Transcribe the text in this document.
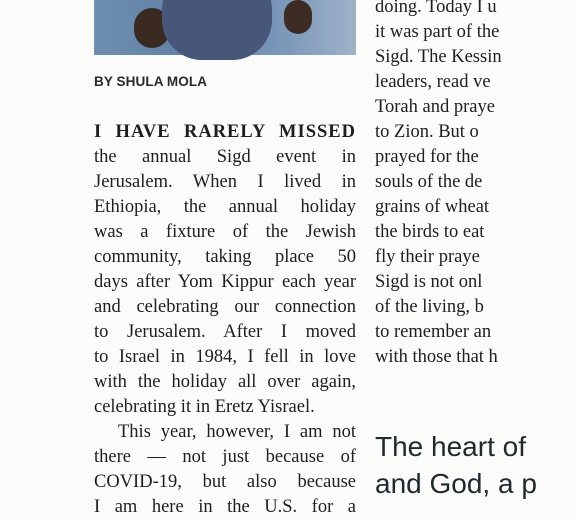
BY SHULA MOLA

I HAVE RARELY MISSED
the annual Sigd event in
Jerusalem. When I lived in
Ethiopia, the annual holiday
was a fixture of the Jewish
community, taking place 50
days after Yom Kippur each year
and celebrating our connection
to Jerusalem. After I moved
to Israel in 1984, I fell in love
with the holiday all over again,
celebrating it in Eretz Yisrael.
This year, however, I am not
there — not just because of
COVID-19, but also because
I am here in the U.S. for a
doing. Today I u
it was part of the
Sigd. The Kessin
leaders, read ve
Torah and praye
to Zion. But o
prayed for the
souls of the de
grains of wheat
the birds to eat
fly their praye
Sigd is not onl
of the living, b
to remember an
with those that h

The heart of
and God, a p
